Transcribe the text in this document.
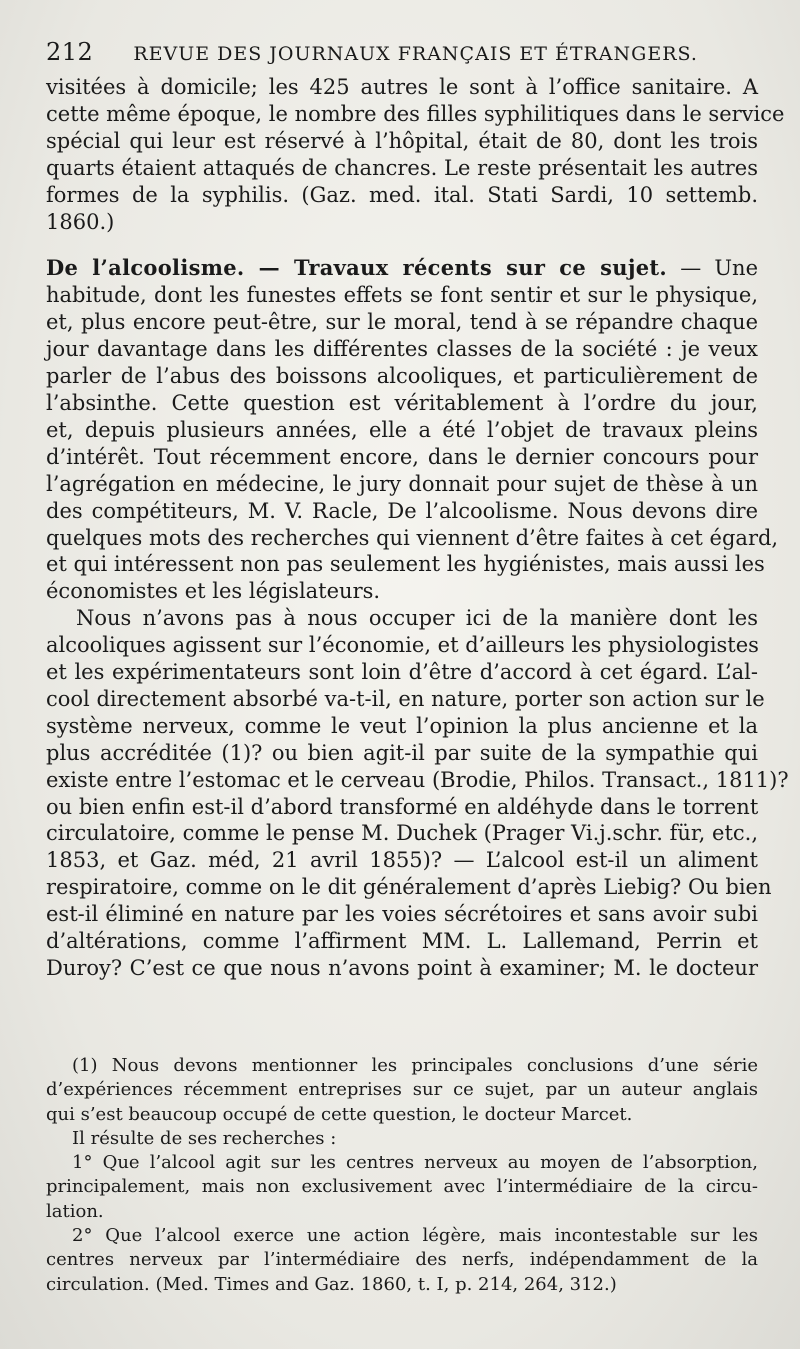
212 REVUE DES JOURNAUX FRANÇAIS ET ÉTRANGERS.
visitées à domicile; les 425 autres le sont à l’office sanitaire. A
cette même époque, le nombre des filles syphilitiques dans le service
spécial qui leur est réservé à l’hôpital, était de 80, dont les trois
quarts étaient attaqués de chancres. Le reste présentait les autres
formes de la syphilis. (Gaz. med. ital. Stati Sardi, 10 settemb.
1860.)
De l’alcoolisme. — Travaux récents sur ce sujet. — Une
habitude, dont les funestes effets se font sentir et sur le physique,
et, plus encore peut-être, sur le moral, tend à se répandre chaque
jour davantage dans les différentes classes de la société : je veux
parler de l’abus des boissons alcooliques, et particulièrement de
l’absinthe. Cette question est véritablement à l’ordre du jour,
et, depuis plusieurs années, elle a été l’objet de travaux pleins
d’intérêt. Tout récemment encore, dans le dernier concours pour
l’agrégation en médecine, le jury donnait pour sujet de thèse à un
des compétiteurs, M. V. Racle, De l’alcoolisme. Nous devons dire
quelques mots des recherches qui viennent d’être faites à cet égard,
et qui intéressent non pas seulement les hygiénistes, mais aussi les
économistes et les législateurs.
Nous n’avons pas à nous occuper ici de la manière dont les
alcooliques agissent sur l’économie, et d’ailleurs les physiologistes
et les expérimentateurs sont loin d’être d’accord à cet égard. L’al-
cool directement absorbé va-t-il, en nature, porter son action sur le
système nerveux, comme le veut l’opinion la plus ancienne et la
plus accréditée (1)? ou bien agit-il par suite de la sympathie qui
existe entre l’estomac et le cerveau (Brodie, Philos. Transact., 1811)?
ou bien enfin est-il d’abord transformé en aldéhyde dans le torrent
circulatoire, comme le pense M. Duchek (Prager Vi.j.schr. für, etc.,
1853, et Gaz. méd, 21 avril 1855)? — L’alcool est-il un aliment
respiratoire, comme on le dit généralement d’après Liebig? Ou bien
est-il éliminé en nature par les voies sécrétoires et sans avoir subi
d’altérations, comme l’affirment MM. L. Lallemand, Perrin et
Duroy? C’est ce que nous n’avons point à examiner; M. le docteur
(1) Nous devons mentionner les principales conclusions d’une série
d’expériences récemment entreprises sur ce sujet, par un auteur anglais
qui s’est beaucoup occupé de cette question, le docteur Marcet.
Il résulte de ses recherches :
1° Que l’alcool agit sur les centres nerveux au moyen de l’absorption,
principalement, mais non exclusivement avec l’intermédiaire de la circu-
lation.
2° Que l’alcool exerce une action légère, mais incontestable sur les
centres nerveux par l’intermédiaire des nerfs, indépendamment de la
circulation. (Med. Times and Gaz. 1860, t. I, p. 214, 264, 312.)
